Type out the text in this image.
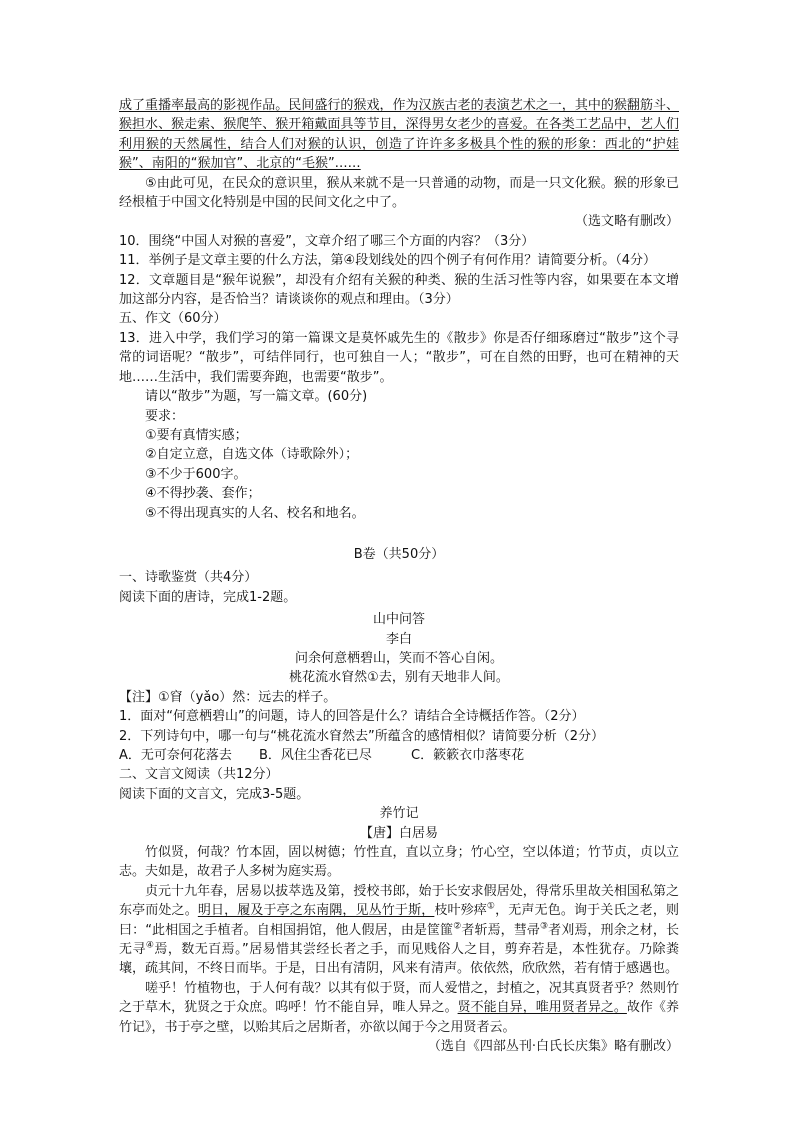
成了重播率最高的影视作品。民间盛行的猴戏，作为汉族古老的表演艺术之一，其中的猴翻筋斗、猴担水、猴走索、猴爬竿、猴开箱戴面具等节目，深得男女老少的喜爱。在各类工艺品中，艺人们利用猴的天然属性，结合人们对猴的认识，创造了许许多多极具个性的猴的形象：西北的“护娃猴”、南阳的“猴加官”、北京的“毛猴”……

⑤由此可见，在民众的意识里，猴从来就不是一只普通的动物，而是一只文化猴。猴的形象已经根植于中国文化特别是中国的民间文化之中了。

（选文略有删改）

10．围绕“中国人对猴的喜爱”，文章介绍了哪三个方面的内容？（3分）

11．举例子是文章主要的什么方法，第④段划线处的四个例子有何作用？请简要分析。（4分）

12．文章题目是“猴年说猴”，却没有介绍有关猴的种类、猴的生活习性等内容，如果要在本文增加这部分内容，是否恰当？请谈谈你的观点和理由。（3分）

五、作文（60分）

13．进入中学，我们学习的第一篇课文是莫怀戚先生的《散步》你是否仔细琢磨过“散步”这个寻常的词语呢？“散步”，可结伴同行，也可独自一人；“散步”，可在自然的田野，也可在精神的天地……生活中，我们需要奔跑，也需要“散步”。

请以“散步”为题，写一篇文章。(60分)

要求：

①要有真情实感；

②自定立意，自选文体（诗歌除外）；

③不少于600字。

④不得抄袭、套作；

⑤不得出现真实的人名、校名和地名。

B卷（共50分）

一、诗歌鉴赏（共4分）

阅读下面的唐诗，完成1-2题。

山中问答

李白

问余何意栖碧山，笑而不答心自闲。

桃花流水窅然①去，别有天地非人间。

【注】①窅（yǎo）然：远去的样子。

1．面对“何意栖碧山”的问题，诗人的回答是什么？请结合全诗概括作答。（2分）

2．下列诗句中，哪一句与“桃花流水窅然去”所蕴含的感情相似？请简要分析（2分）

A．无可奈何花落去 B．风住尘香花已尽	C．簌簌衣巾落枣花

二、文言文阅读（共12分）

阅读下面的文言文，完成3-5题。

养竹记

【唐】白居易

竹似贤，何哉？竹本固，固以树德；竹性直，直以立身；竹心空，空以体道；竹节贞，贞以立志。夫如是，故君子人多树为庭实焉。

贞元十九年春，居易以拔萃选及第，授校书郎，始于长安求假居处，得常乐里故关相国私第之东亭而处之。明日，履及于亭之东南隅，见丛竹于斯，枝叶殄瘁①，无声无色。询于关氏之老，则曰：“此相国之手植者。自相国捐馆，他人假居，由是筐篚②者斩焉，彗帚③者刈焉，刑余之材，长无寻④焉，数无百焉。”居易惜其尝经长者之手，而见贱俗人之目，剪弃若是，本性犹存。乃除粪壤，疏其间，不终日而毕。于是，日出有清阴，风来有清声。依依然，欣欣然，若有情于感遇也。

嗟乎！竹植物也，于人何有哉？以其有似于贤，而人爱惜之，封植之，况其真贤者乎？然则竹之于草木，犹贤之于众庶。呜呼！竹不能自异，唯人异之。贤不能自异，唯用贤者异之。故作《养竹记》，书于亭之壁，以贻其后之居斯者，亦欲以闻于今之用贤者云。

（选自《四部丛刊·白氏长庆集》略有删改）
